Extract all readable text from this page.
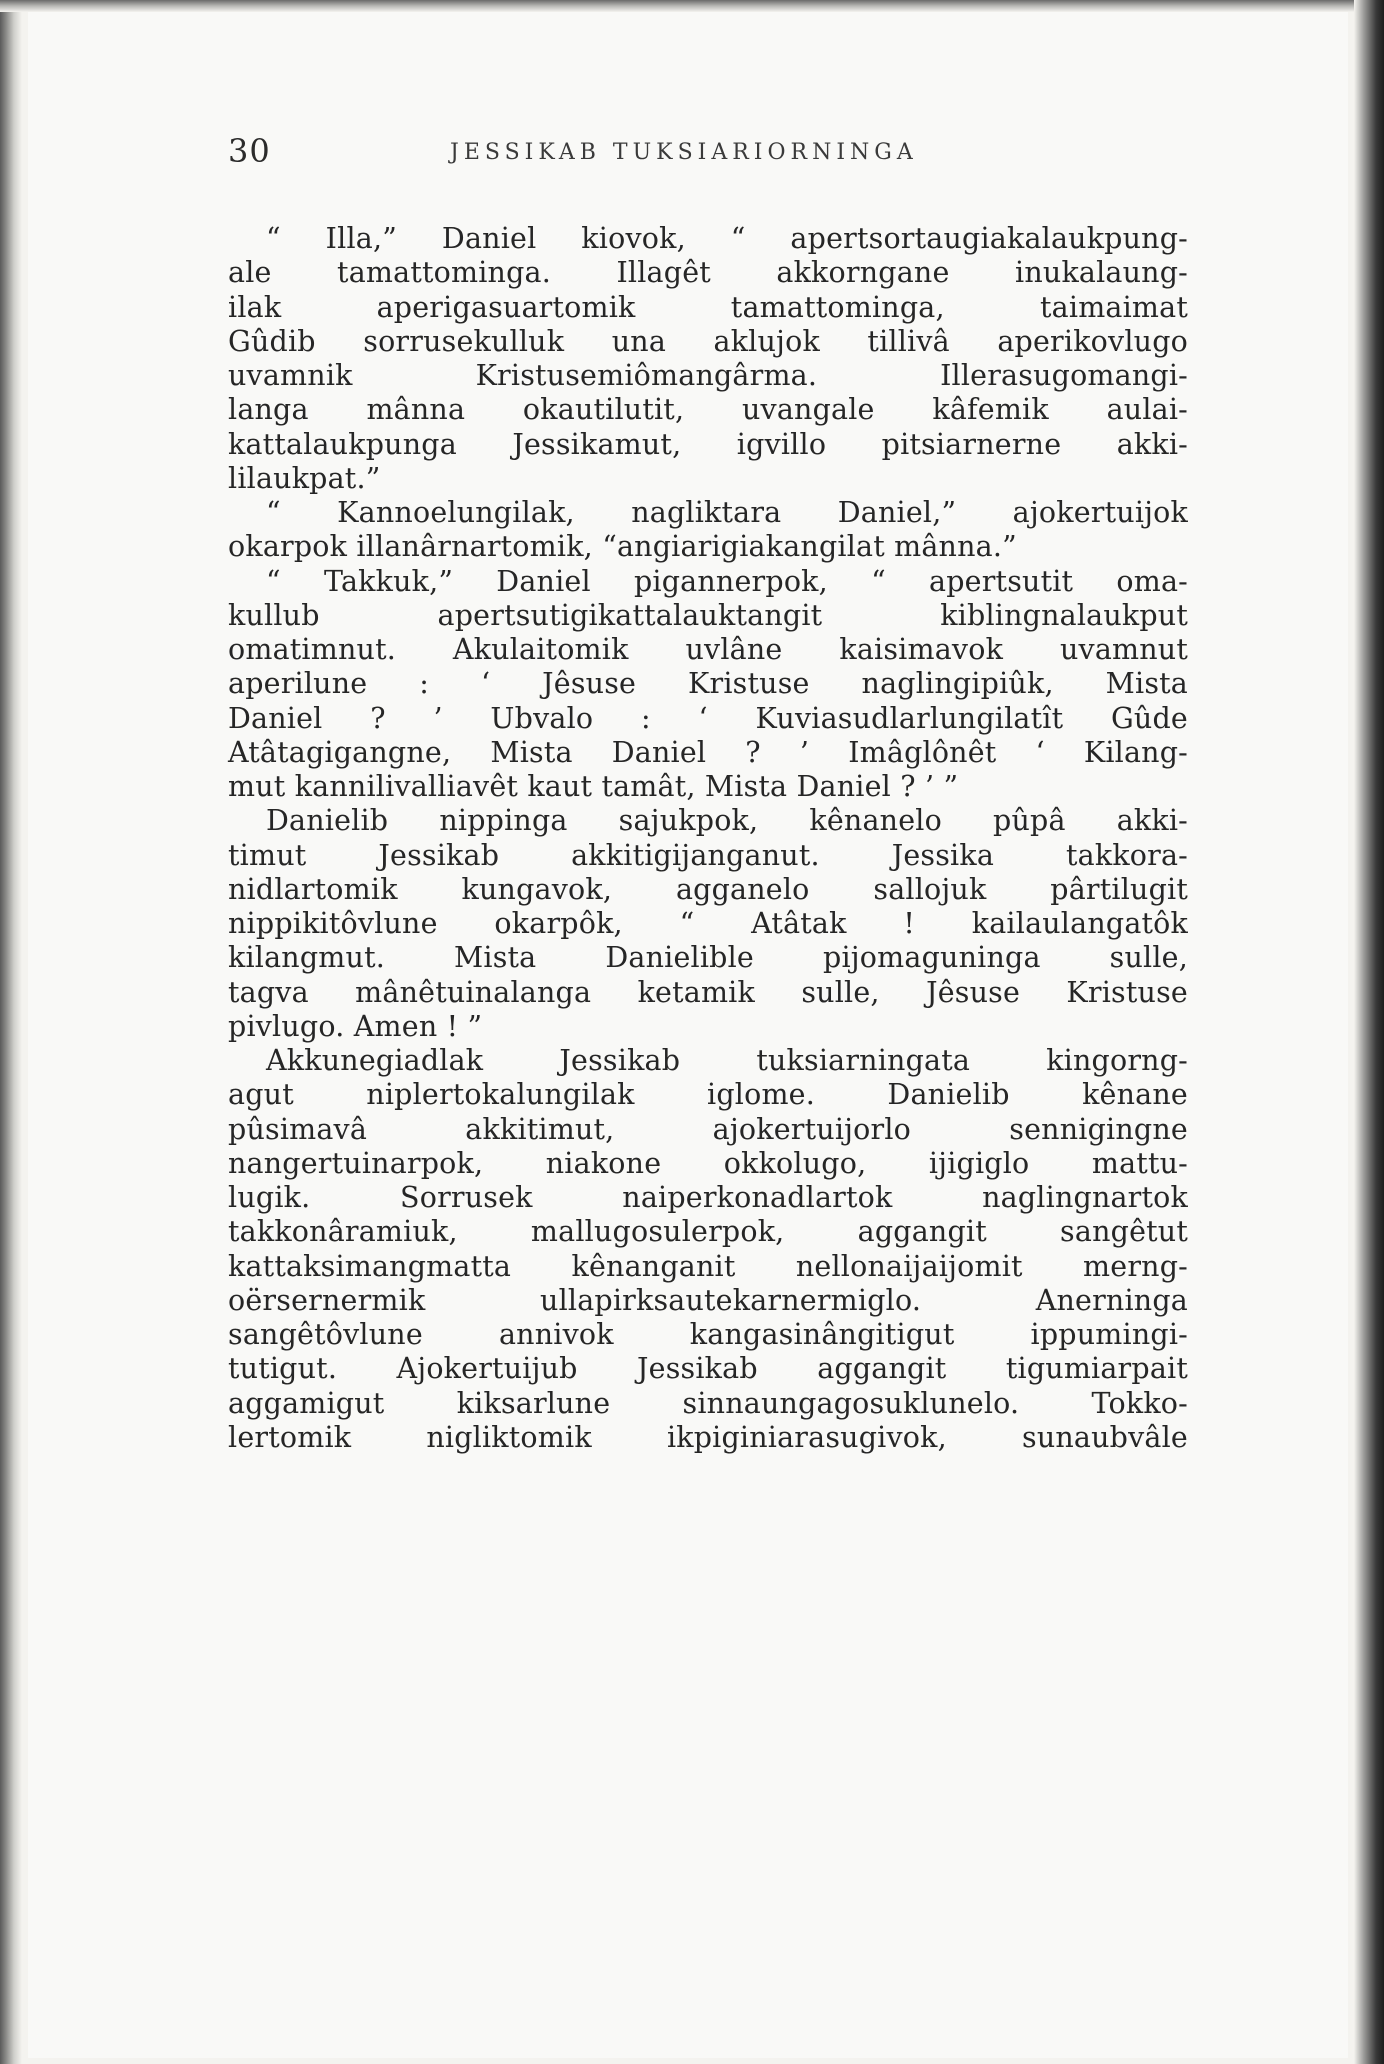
30	JESSIKAB TUKSIARIORNINGA
“ Illa,” Daniel kiovok, “ apertsortaugiakalaukpung-
ale tamattominga. Illagêt akkorngane inukalaung-
ilak aperigasuartomik tamattominga, taimaimat
Gûdib sorrusekulluk una aklujok tillivâ aperikovlugo
uvamnik Kristusemiômangârma. Illerasugomangi-
langa mânna okautilutit, uvangale kâfemik aulai-
kattalaukpunga Jessikamut, igvillo pitsiarnerne akki-
lilaukpat.”
“ Kannoelungilak, nagliktara Daniel,” ajokertuijok
okarpok illanârnartomik, “angiarigiakangilat mânna.”
“ Takkuk,” Daniel pigannerpok, “ apertsutit oma-
kullub apertsutigikattalauktangit kiblingnalaukput
omatimnut. Akulaitomik uvlâne kaisimavok uvamnut
aperilune : ‘ Jêsuse Kristuse naglingipiûk, Mista
Daniel ? ’ Ubvalo : ‘ Kuviasudlarlungilatît Gûde
Atâtagigangne, Mista Daniel ? ’ Imâglônêt ‘ Kilang-
mut kannilivalliavêt kaut tamât, Mista Daniel ? ’ ”
Danielib nippinga sajukpok, kênanelo pûpâ akki-
timut Jessikab akkitigijanganut. Jessika takkora-
nidlartomik kungavok, agganelo sallojuk pârtilugit
nippikitôvlune okarpôk, “ Atâtak ! kailaulangatôk
kilangmut. Mista Danielible pijomaguninga sulle,
tagva mânêtuinalanga ketamik sulle, Jêsuse Kristuse
pivlugo. Amen ! ”
Akkunegiadlak Jessikab tuksiarningata kingorng-
agut niplertokalungilak iglome. Danielib kênane
pûsimavâ akkitimut, ajokertuijorlo sennigingne
nangertuinarpok, niakone okkolugo, ijigiglo mattu-
lugik. Sorrusek naiperkonadlartok naglingnartok
takkonâramiuk, mallugosulerpok, aggangit sangêtut
kattaksimangmatta kênanganit nellonaijaijomit merng-
oërsernermik ullapirksautekarnermiglo. Anerninga
sangêtôvlune annivok kangasinângitigut ippumingi-
tutigut. Ajokertuijub Jessikab aggangit tigumiarpait
aggamigut kiksarlune sinnaungagosuklunelo. Tokko-
lertomik nigliktomik ikpiginiarasugivok, sunaubvâle
